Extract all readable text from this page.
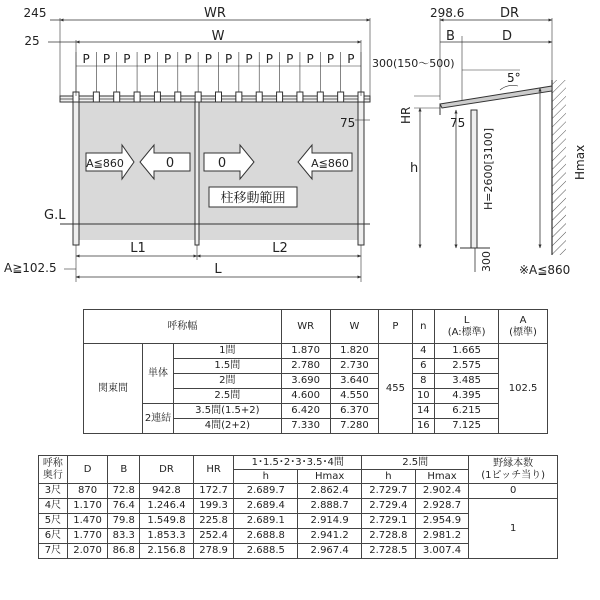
G.L
WR
245
W
25
P P P P P P P P P P P P P P
75
A≦860	0	0	A≦860
柱移動範囲
L1	L2
L
A≧102.5
298.6	DR
B	D
300(150〜500)
5°
HR	75
h	H=2600[3100]	Hmax
300 ※A≦860
呼称幅			WR	W	P	n	L
(A:標準)	A
(標準)
関東間	単体	1間	1.870	1.820	455	4	1.665	102.5
		1.5間	2.780	2.730		6	2.575	
		2間	3.690	3.640		8	3.485	
		2.5間	4.600	4.550		10	4.395	
	2連結	3.5間(1.5+2)	6.420	6.370		14	6.215	
		4間(2+2)	7.330	7.280		16	7.125	
呼称
奥行	D	B	DR	HR	1･1.5･2･3･3.5･4間		2.5間		野縁本数
(1ピッチ当り)
					h	Hmax	h	Hmax	
3尺	870	72.8	942.8	172.7	2.689.7	2.862.4	2.729.7	2.902.4	0
4尺	1.170	76.4	1.246.4	199.3	2.689.4	2.888.7	2.729.4	2.928.7	1
5尺	1.470	79.8	1.549.8	225.8	2.689.1	2.914.9	2.729.1	2.954.9	
6尺	1.770	83.3	1.853.3	252.4	2.688.8	2.941.2	2.728.8	2.981.2	
7尺	2.070	86.8	2.156.8	278.9	2.688.5	2.967.4	2.728.5	3.007.4	
